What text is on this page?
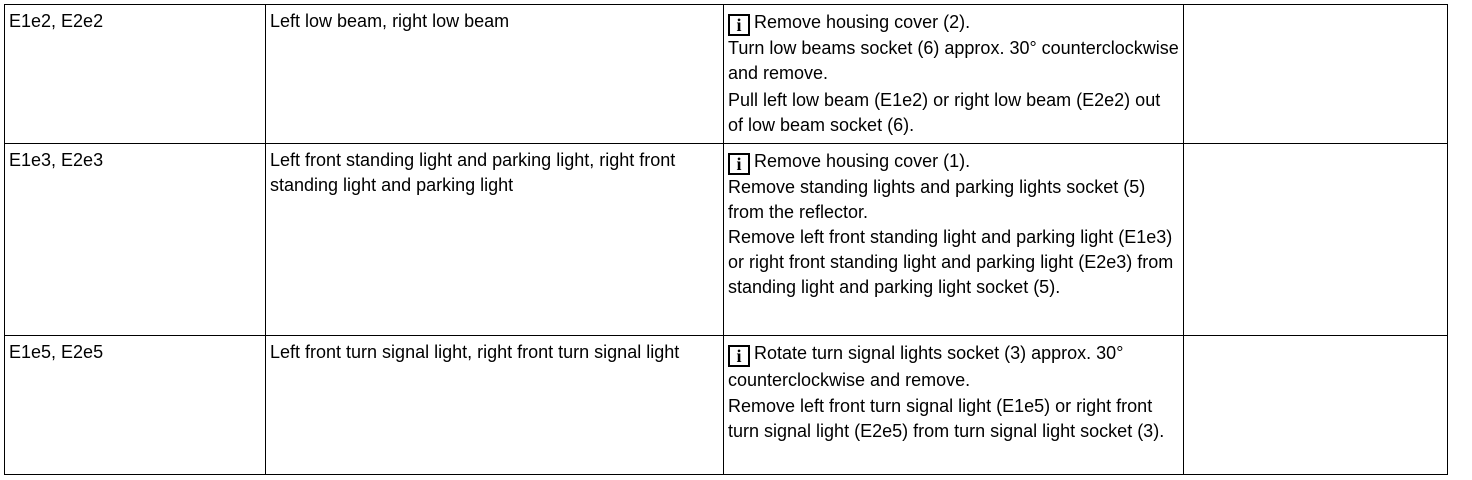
E1e2, E2e2	Left low beam, right low beam	i Remove housing cover (2).
Turn low beams socket (6) approx. 30° counterclockwise and remove.
Pull left low beam (E1e2) or right low beam (E2e2) out of low beam socket (6).	

E1e3, E2e3	Left front standing light and parking light, right front standing light and parking light	i Remove housing cover (1).
Remove standing lights and parking lights socket (5) from the reflector.
Remove left front standing light and parking light (E1e3) or right front standing light and parking light (E2e3) from standing light and parking light socket (5).	

E1e5, E2e5	Left front turn signal light, right front turn signal light	i Rotate turn signal lights socket (3) approx. 30° counterclockwise and remove.
Remove left front turn signal light (E1e5) or right front turn signal light (E2e5) from turn signal light socket (3).	
